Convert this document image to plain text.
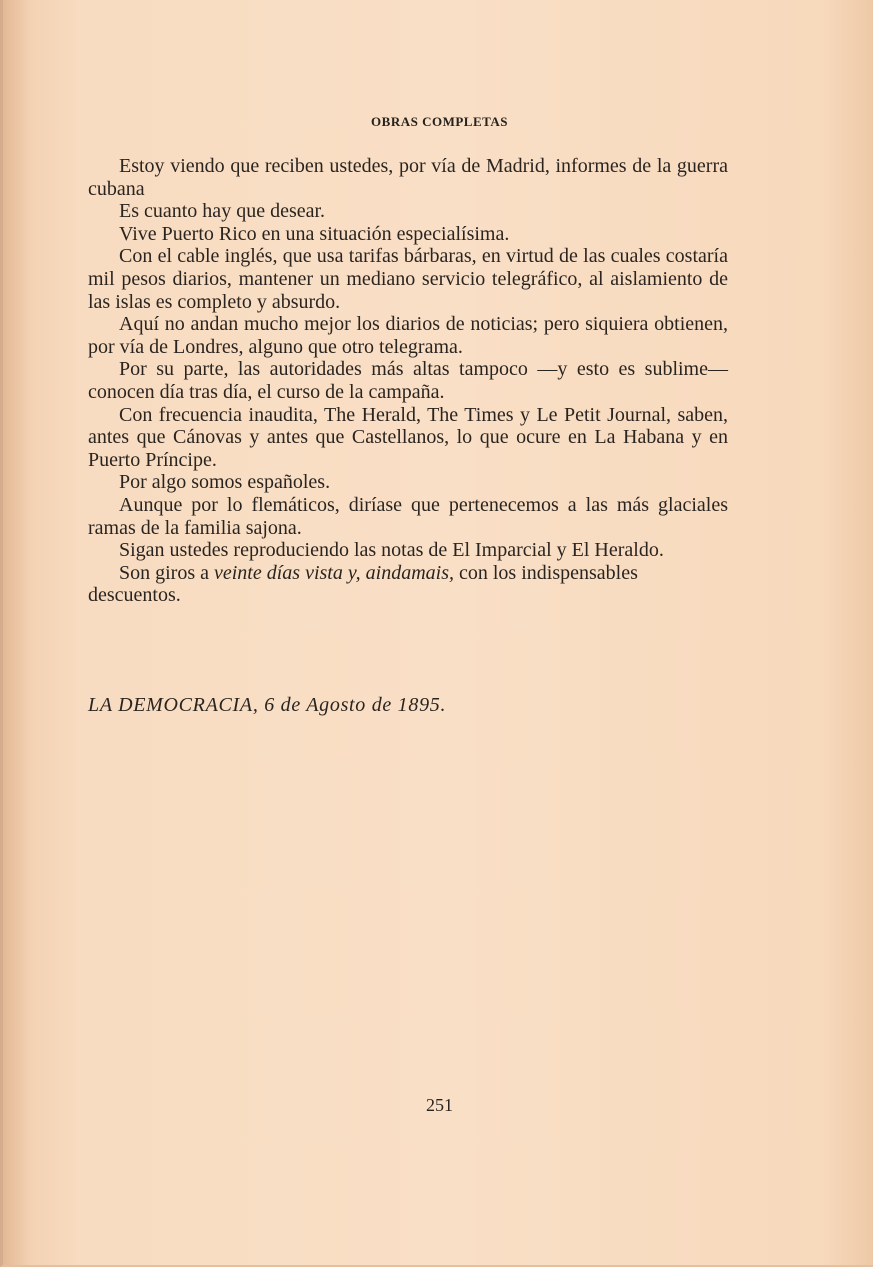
OBRAS COMPLETAS

Estoy viendo que reciben ustedes, por vía de Madrid, informes de la guerra cubana

Es cuanto hay que desear.

Vive Puerto Rico en una situación especialísima.

Con el cable inglés, que usa tarifas bárbaras, en virtud de las cuales costaría mil pesos diarios, mantener un mediano servicio telegráfico, al aislamiento de las islas es completo y absurdo.

Aquí no andan mucho mejor los diarios de noticias; pero siquiera obtienen, por vía de Londres, alguno que otro telegrama.

Por su parte, las autoridades más altas tampoco —y esto es sublime— conocen día tras día, el curso de la campaña.

Con frecuencia inaudita, The Herald, The Times y Le Petit Journal, saben, antes que Cánovas y antes que Castellanos, lo que ocure en La Habana y en Puerto Príncipe.

Por algo somos españoles.

Aunque por lo flemáticos, diríase que pertenecemos a las más glaciales ramas de la familia sajona.

Sigan ustedes reproduciendo las notas de El Imparcial y El Heraldo.

Son giros a veinte días vista y, aindamais, con los indispensables descuentos.

LA DEMOCRACIA, 6 de Agosto de 1895.
251
